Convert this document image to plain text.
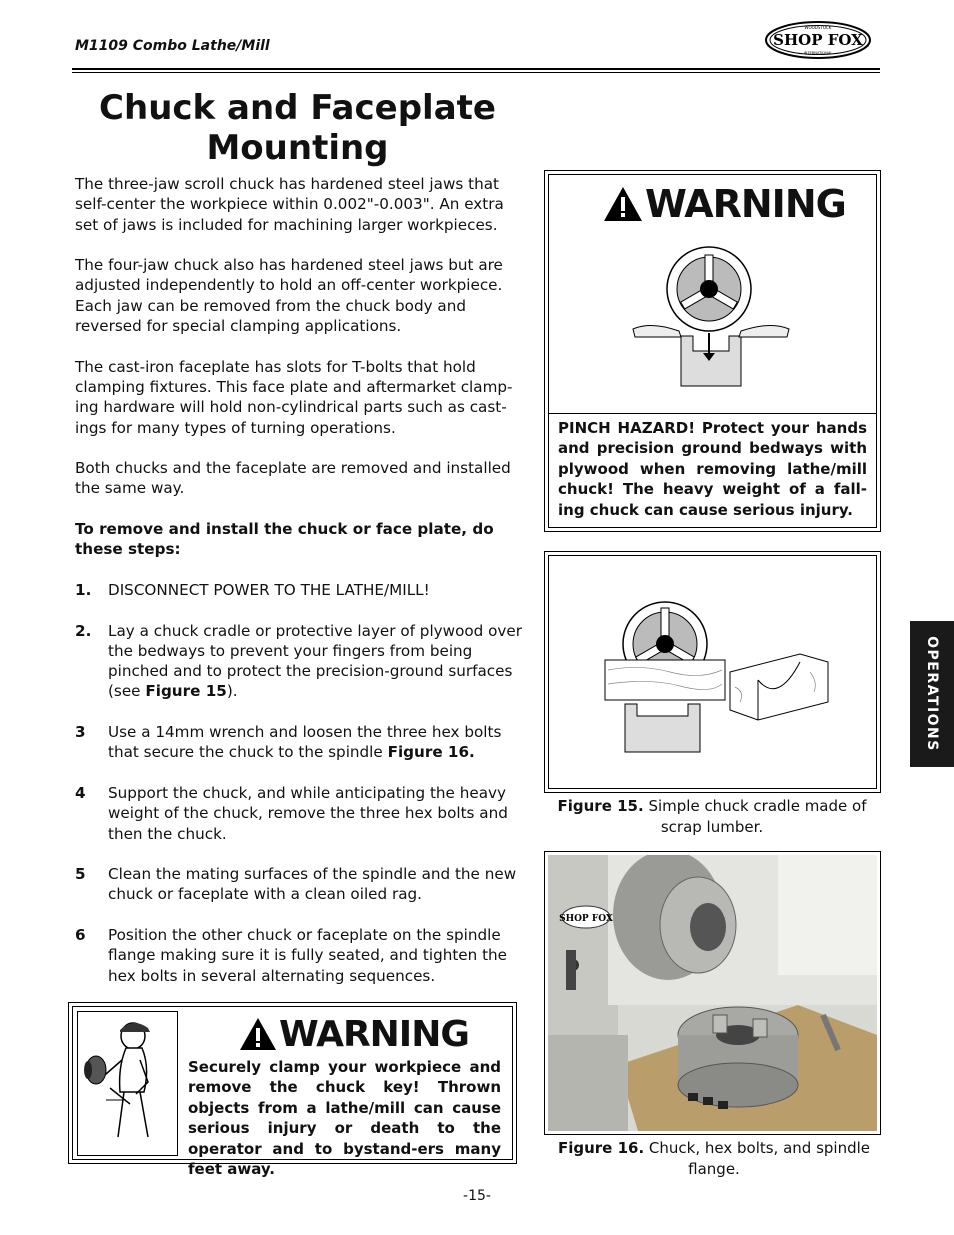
M1109 Combo Lathe/Mill
WOODSTOCK
SHOP FOX
INTERNATIONAL
Chuck and Faceplate
Mounting

The three-jaw scroll chuck has hardened steel jaws that self-center the workpiece within 0.002"-0.003". An extra set of jaws is included for machining larger workpieces.

The four-jaw chuck also has hardened steel jaws but are adjusted independently to hold an off-center workpiece. Each jaw can be removed from the chuck body and reversed for special clamping applications.

The cast-iron faceplate has slots for T-bolts that hold clamping fixtures. This face plate and aftermarket clamp-ing hardware will hold non-cylindrical parts such as cast-ings for many types of turning operations.

Both chucks and the faceplate are removed and installed the same way.

To remove and install the chuck or face plate, do these steps:

1.	DISCONNECT POWER TO THE LATHE/MILL!
2.	Lay a chuck cradle or protective layer of plywood over the bedways to prevent your fingers from being pinched and to protect the precision-ground surfaces (see Figure 15).
3	Use a 14mm wrench and loosen the three hex bolts that secure the chuck to the spindle Figure 16.
4	Support the chuck, and while anticipating the heavy weight of the chuck, remove the three hex bolts and then the chuck.
5	Clean the mating surfaces of the spindle and the new chuck or faceplate with a clean oiled rag.
6	Position the other chuck or faceplate on the spindle flange making sure it is fully seated, and tighten the hex bolts in several alternating sequences.
WARNING
Securely clamp your workpiece and remove the chuck key! Thrown objects from a lathe/mill can cause serious injury or death to the operator and to bystand-ers many feet away.
WARNING
PINCH HAZARD! Protect your hands and precision ground bedways with plywood when removing lathe/mill chuck! The heavy weight of a fall-ing chuck can cause serious injury.
Figure 15. Simple chuck cradle made of scrap lumber.
SHOP FOX
Figure 16. Chuck, hex bolts, and spindle flange.
OPERATIONS
-15-
